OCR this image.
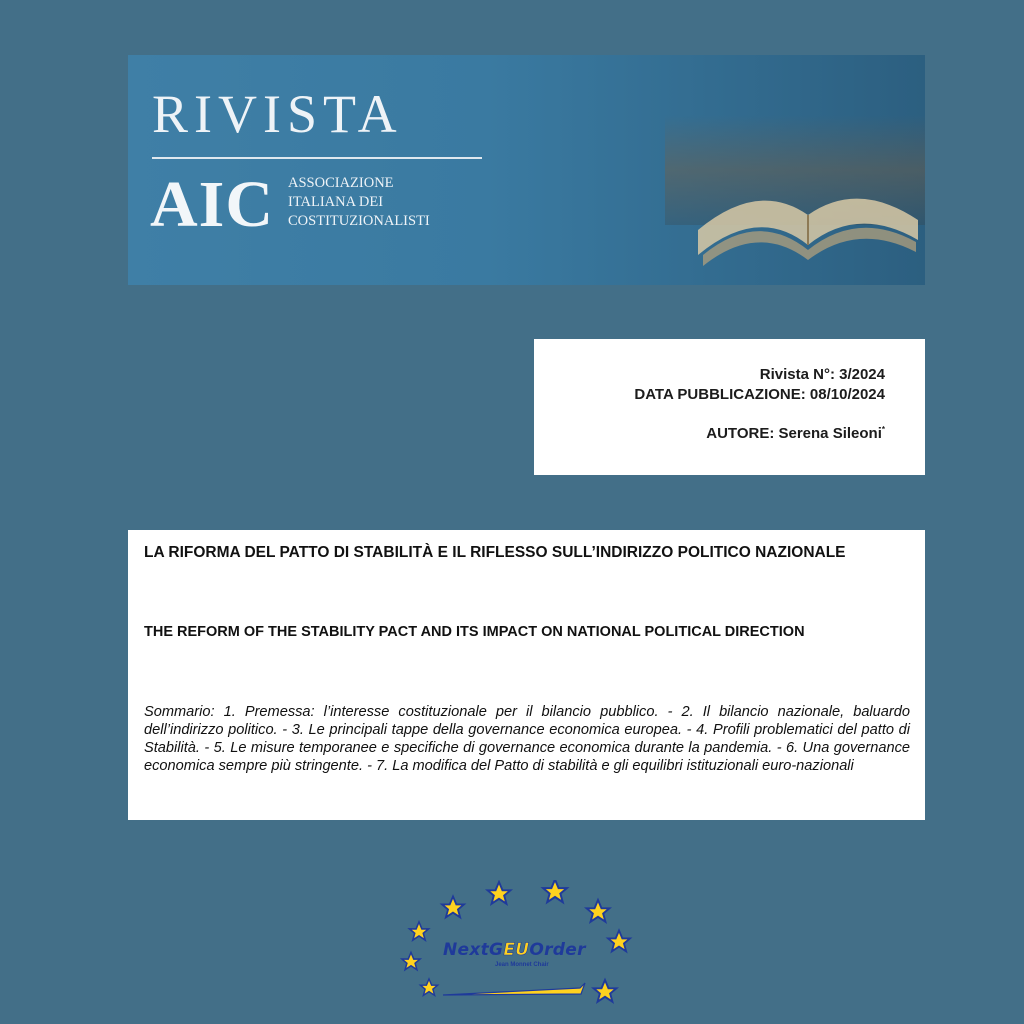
RIVISTA
AIC ASSOCIAZIONE
ITALIANA DEI
COSTITUZIONALISTI
Rivista N°: 3/2024
DATA PUBBLICAZIONE: 08/10/2024
AUTORE: Serena Sileoni*
LA RIFORMA DEL PATTO DI STABILITÀ E IL RIFLESSO SULL’INDIRIZZO POLITICO NAZIONALE
THE REFORM OF THE STABILITY PACT AND ITS IMPACT ON NATIONAL POLITICAL DIRECTION

Sommario: 1. Premessa: l’interesse costituzionale per il bilancio pubblico. - 2. Il bilancio nazionale, baluardo dell’indirizzo politico. - 3. Le principali tappe della governance economica europea. - 4. Profili problematici del patto di Stabilità. - 5. Le misure temporanee e specifiche di governance economica durante la pandemia. - 6. Una governance economica sempre più stringente. - 7. La modifica del Patto di stabilità e gli equilibri istituzionali euro-nazionali

NextGEUOrder
Jean Monnet Chair
